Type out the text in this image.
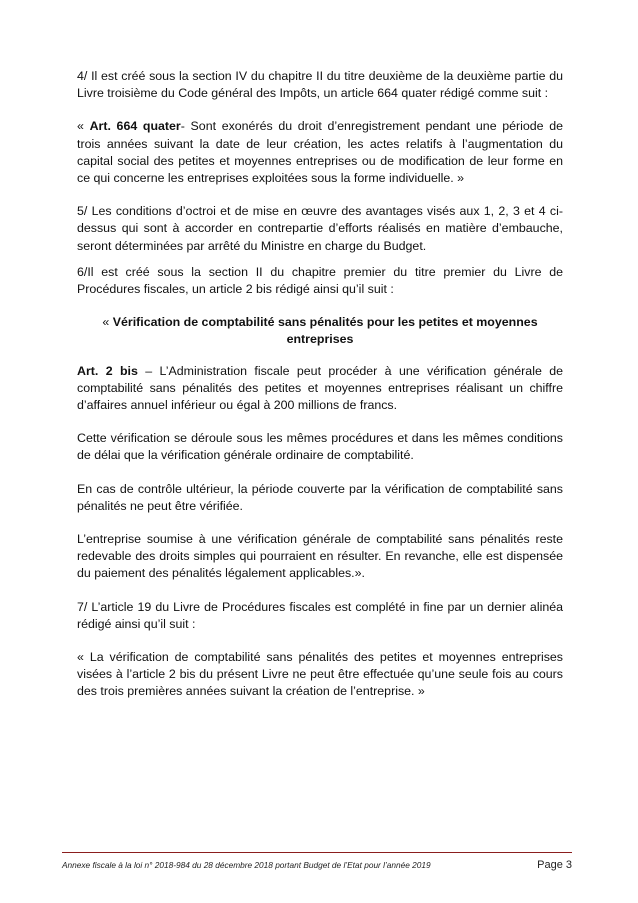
4/ Il est créé sous la section IV du chapitre II du titre deuxième de la deuxième partie du Livre troisième du Code général des Impôts, un article 664 quater rédigé comme suit :

« Art. 664 quater- Sont exonérés du droit d’enregistrement pendant une période de trois années suivant la date de leur création, les actes relatifs à l’augmentation du capital social des petites et moyennes entreprises ou de modification de leur forme en ce qui concerne les entreprises exploitées sous la forme individuelle. »

5/ Les conditions d’octroi et de mise en œuvre des avantages visés aux 1, 2, 3 et 4 ci-dessus qui sont à accorder en contrepartie d’efforts réalisés en matière d’embauche, seront déterminées par arrêté du Ministre en charge du Budget.

6/Il est créé sous la section II du chapitre premier du titre premier du Livre de Procédures fiscales, un article 2 bis rédigé ainsi qu’il suit :

« Vérification de comptabilité sans pénalités pour les petites et moyennes entreprises

Art. 2 bis – L’Administration fiscale peut procéder à une vérification générale de comptabilité sans pénalités des petites et moyennes entreprises réalisant un chiffre d’affaires annuel inférieur ou égal à 200 millions de francs.

Cette vérification se déroule sous les mêmes procédures et dans les mêmes conditions de délai que la vérification générale ordinaire de comptabilité.

En cas de contrôle ultérieur, la période couverte par la vérification de comptabilité sans pénalités ne peut être vérifiée.

L’entreprise soumise à une vérification générale de comptabilité sans pénalités reste redevable des droits simples qui pourraient en résulter. En revanche, elle est dispensée du paiement des pénalités légalement applicables.».

7/ L’article 19 du Livre de Procédures fiscales est complété in fine par un dernier alinéa rédigé ainsi qu’il suit :

« La vérification de comptabilité sans pénalités des petites et moyennes entreprises visées à l’article 2 bis du présent Livre ne peut être effectuée qu’une seule fois au cours des trois premières années suivant la création de l’entreprise. »

Annexe fiscale à la loi n° 2018-984 du 28 décembre 2018 portant Budget de l’Etat pour l’année 2019	Page 3
